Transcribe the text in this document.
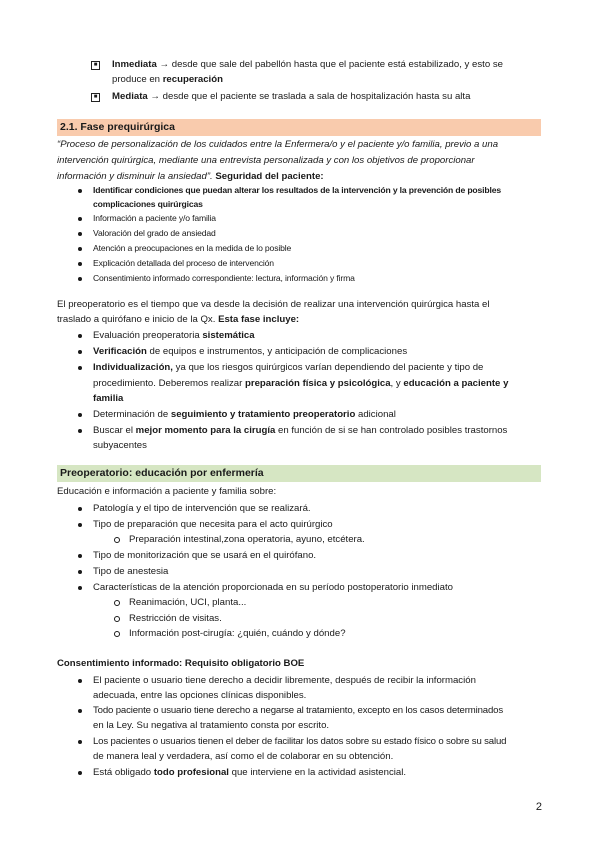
■ Inmediata → desde que sale del pabellón hasta que el paciente está estabilizado, y esto se
produce en recuperación
■ Mediata → desde que el paciente se traslada a sala de hospitalización hasta su alta
2.1. Fase prequirúrgica
“Proceso de personalización de los cuidados entre la Enfermera/o y el paciente y/o familia, previo a una
intervención quirúrgica, mediante una entrevista personalizada y con los objetivos de proporcionar
información y disminuir la ansiedad”. Seguridad del paciente:
Identificar condiciones que puedan alterar los resultados de la intervención y la prevención de posibles
complicaciones quirúrgicas
Información a paciente y/o familia
Valoración del grado de ansiedad
Atención a preocupaciones en la medida de lo posible
Explicación detallada del proceso de intervención
Consentimiento informado correspondiente: lectura, información y firma
El preoperatorio es el tiempo que va desde la decisión de realizar una intervención quirúrgica hasta el
traslado a quirófano e inicio de la Qx. Esta fase incluye:
Evaluación preoperatoria sistemática
Verificación de equipos e instrumentos, y anticipación de complicaciones
Individualización, ya que los riesgos quirúrgicos varían dependiendo del paciente y tipo de
procedimiento. Deberemos realizar preparación física y psicológica, y educación a paciente y
familia
Determinación de seguimiento y tratamiento preoperatorio adicional
Buscar el mejor momento para la cirugía en función de si se han controlado posibles trastornos
subyacentes
Preoperatorio: educación por enfermería
Educación e información a paciente y familia sobre:
Patología y el tipo de intervención que se realizará.
Tipo de preparación que necesita para el acto quirúrgico
Preparación intestinal,zona operatoria, ayuno, etcétera.
Tipo de monitorización que se usará en el quirófano.
Tipo de anestesia
Características de la atención proporcionada en su período postoperatorio inmediato
Reanimación, UCI, planta...
Restricción de visitas.
Información post-cirugía: ¿quién, cuándo y dónde?
Consentimiento informado: Requisito obligatorio BOE
El paciente o usuario tiene derecho a decidir libremente, después de recibir la información
adecuada, entre las opciones clínicas disponibles.
Todo paciente o usuario tiene derecho a negarse al tratamiento, excepto en los casos determinados
en la Ley. Su negativa al tratamiento consta por escrito.
Los pacientes o usuarios tienen el deber de facilitar los datos sobre su estado físico o sobre su salud
de manera leal y verdadera, así como el de colaborar en su obtención.
Está obligado todo profesional que interviene en la actividad asistencial.
2
